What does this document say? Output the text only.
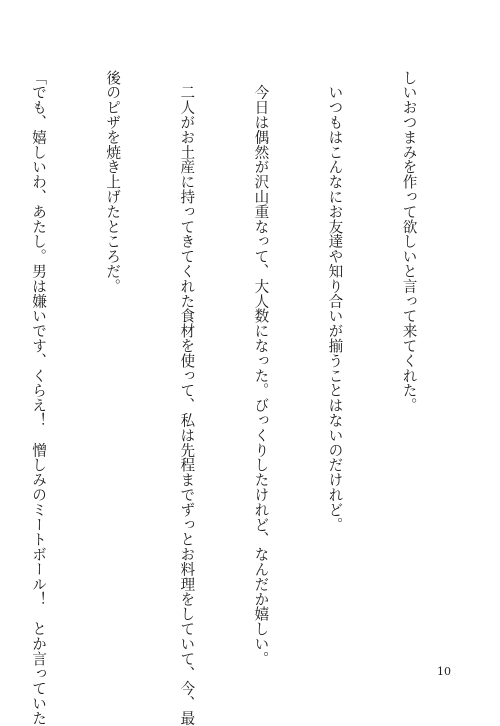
しいおつまみを作って欲しいと言って来てくれた。

　いつもはこんなにお友達や知り合いが揃うことはないのだけれど。

　今日は偶然が沢山重なって、大人数になった。びっくりしたけれど、なんだか嬉しい。

　二人がお土産に持ってきてくれた食材を使って、私は先程までずっとお料理をしていて、今、最

後のピザを焼き上げたところだ。

「でも、嬉しいわ、あたし。男は嫌いです、くらえ！　憎しみのミートボール！　とか言っていた

	10
